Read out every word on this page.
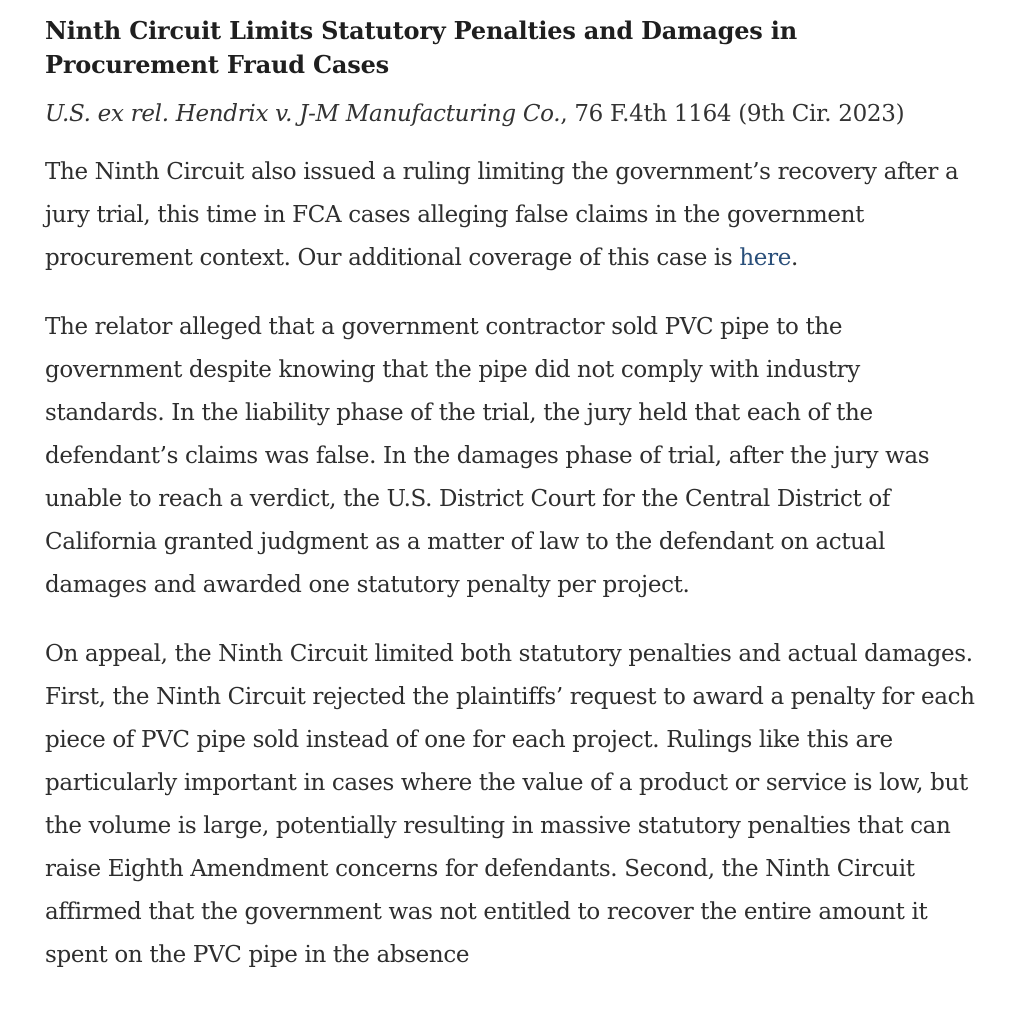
Ninth Circuit Limits Statutory Penalties and Damages in
Procurement Fraud Cases
U.S. ex rel. Hendrix v. J-M Manufacturing Co., 76 F.4th 1164 (9th Cir. 2023)

The Ninth Circuit also issued a ruling limiting the government’s recovery after a jury trial, this time in FCA cases alleging false claims in the government procurement context. Our additional coverage of this case is here.

The relator alleged that a government contractor sold PVC pipe to the government despite knowing that the pipe did not comply with industry standards. In the liability phase of the trial, the jury held that each of the defendant’s claims was false. In the damages phase of trial, after the jury was unable to reach a verdict, the U.S. District Court for the Central District of California granted judgment as a matter of law to the defendant on actual damages and awarded one statutory penalty per project.

On appeal, the Ninth Circuit limited both statutory penalties and actual damages. First, the Ninth Circuit rejected the plaintiffs’ request to award a penalty for each piece of PVC pipe sold instead of one for each project. Rulings like this are particularly important in cases where the value of a product or service is low, but the volume is large, potentially resulting in massive statutory penalties that can raise Eighth Amendment concerns for defendants. Second, the Ninth Circuit affirmed that the government was not entitled to recover the entire amount it spent on the PVC pipe in the absence
